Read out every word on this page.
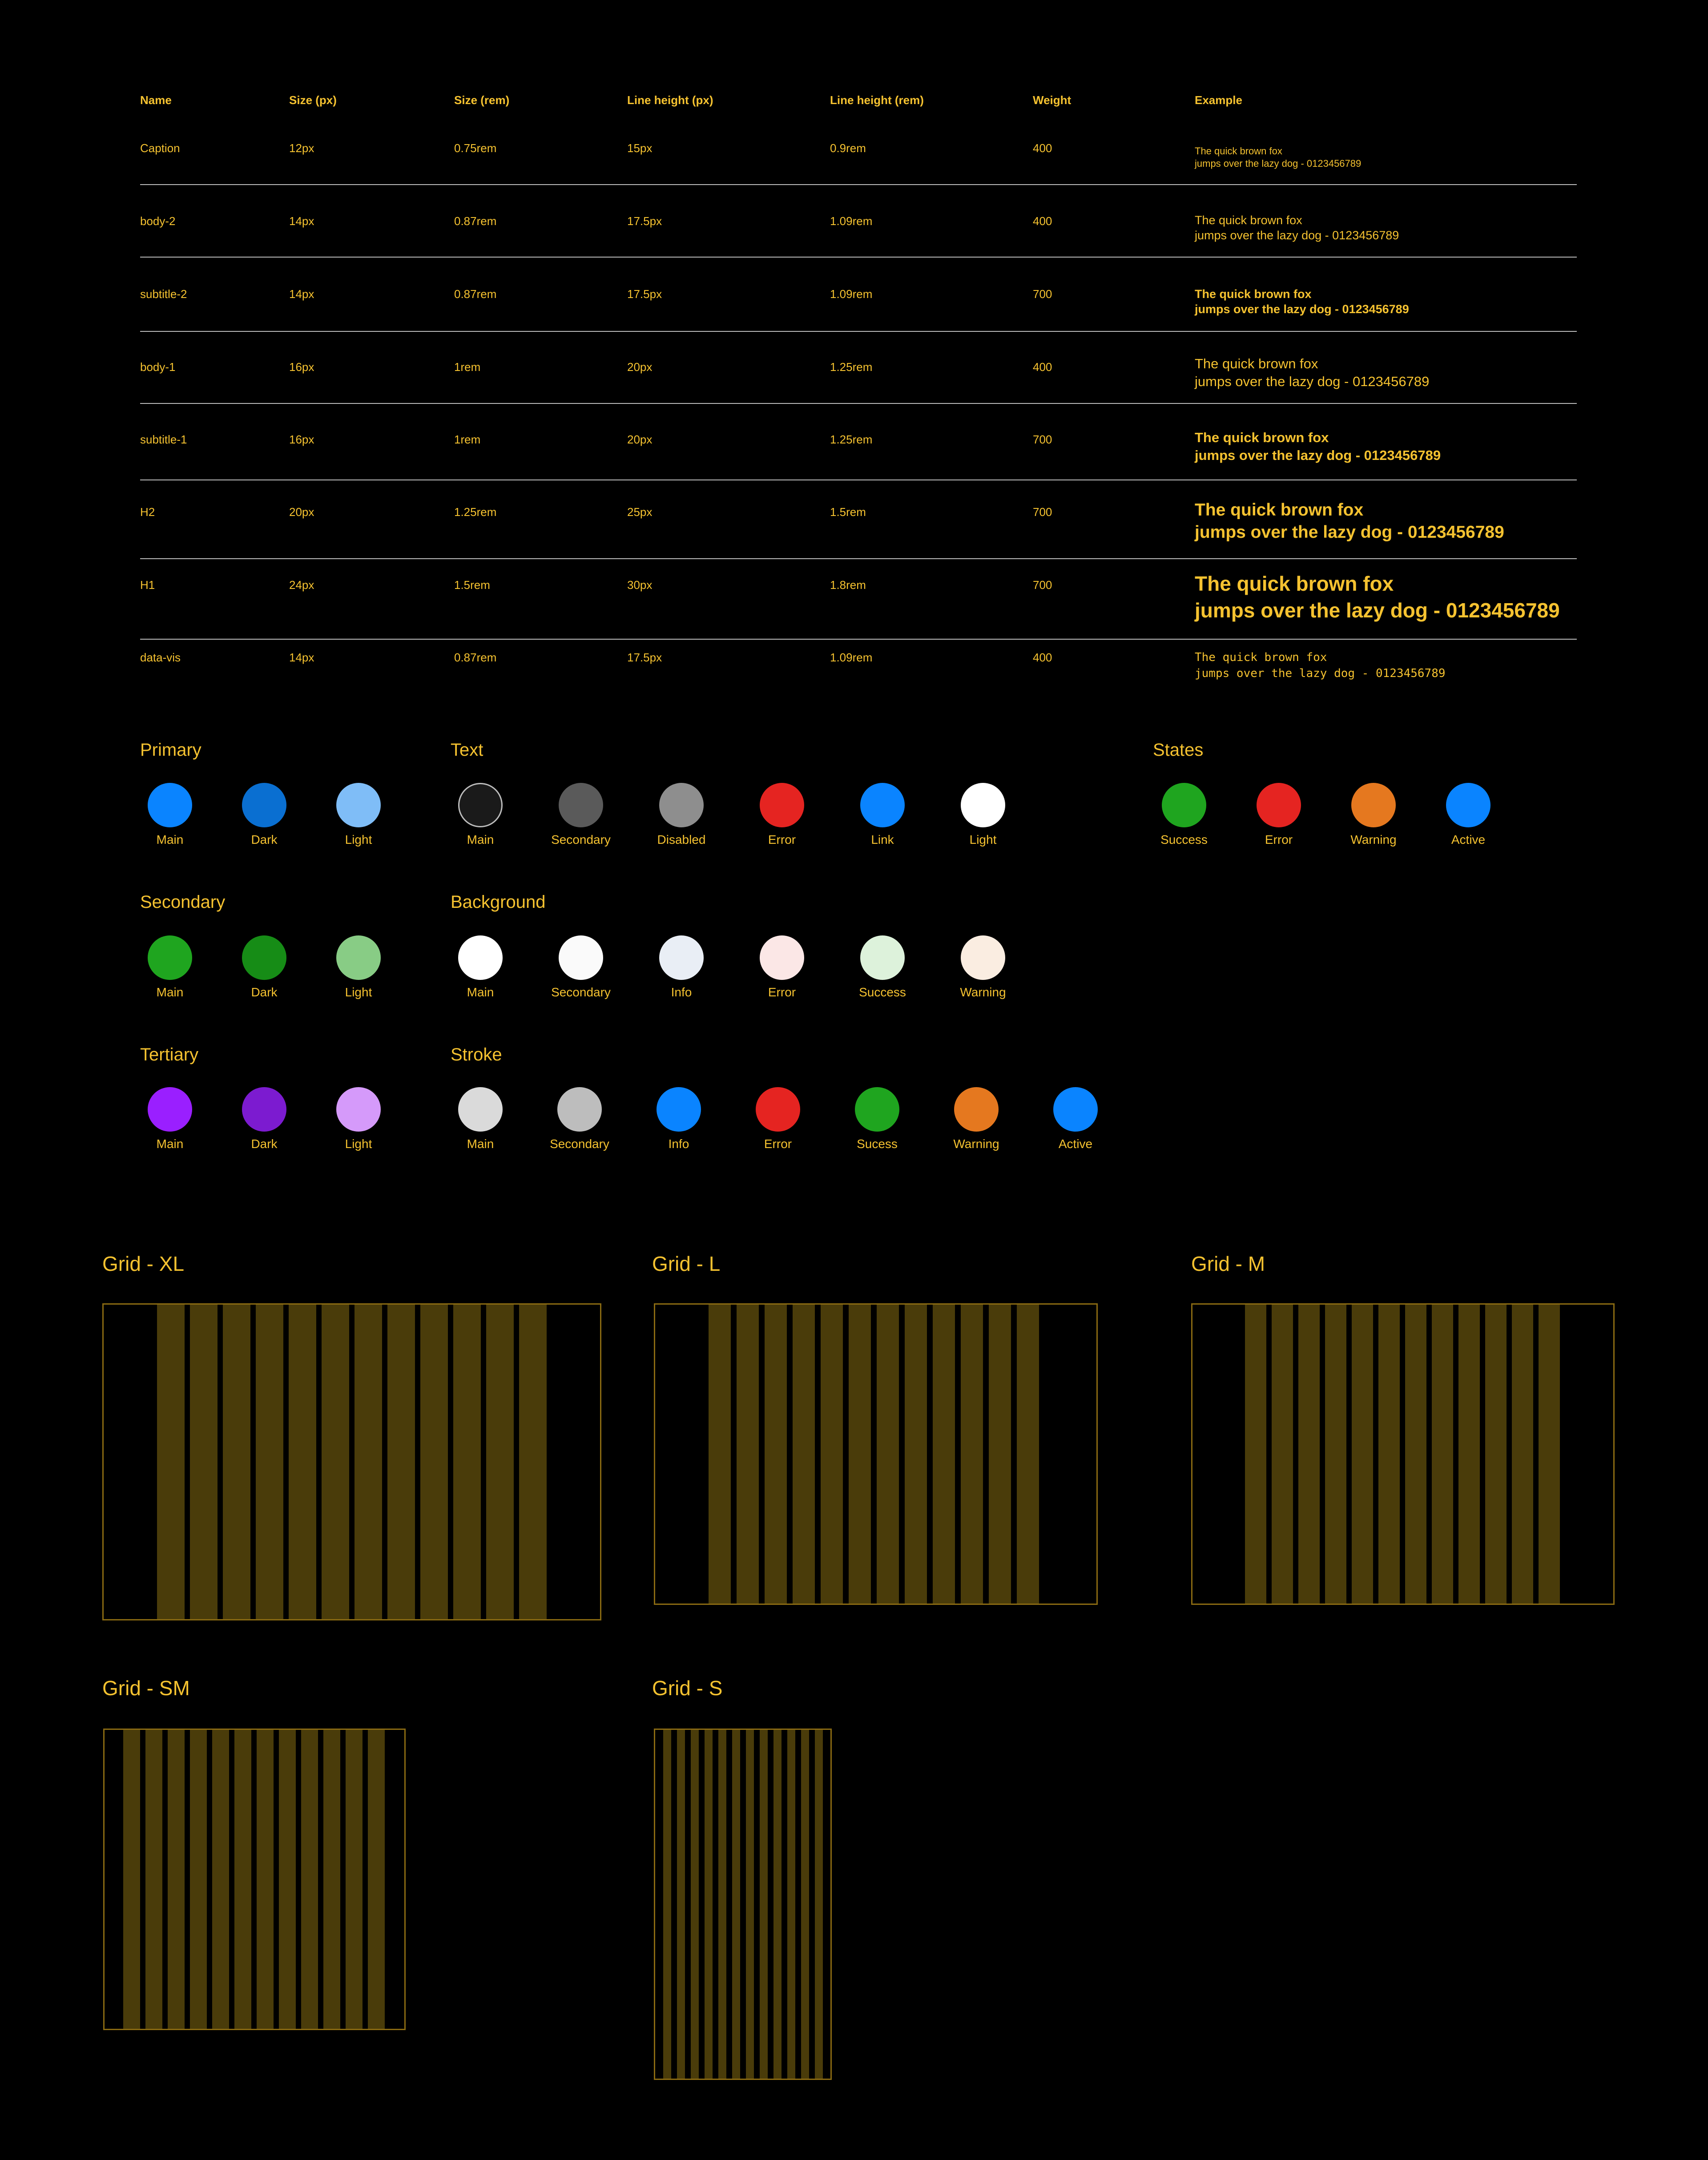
Name	Size (px)	Size (rem)	Line height (px)	Line height (rem)	Weight	Example
Caption	12px	0.75rem	15px	0.9rem	400	The quick brown fox
jumps over the lazy dog - 0123456789
body-2	14px	0.87rem	17.5px	1.09rem	400	The quick brown fox
jumps over the lazy dog - 0123456789
subtitle-2	14px	0.87rem	17.5px	1.09rem	700	The quick brown fox
jumps over the lazy dog - 0123456789
body-1	16px	1rem	20px	1.25rem	400	The quick brown fox
jumps over the lazy dog - 0123456789
subtitle-1	16px	1rem	20px	1.25rem	700	The quick brown fox
jumps over the lazy dog - 0123456789
H2	20px	1.25rem	25px	1.5rem	700	The quick brown fox
jumps over the lazy dog - 0123456789
H1	24px	1.5rem	30px	1.8rem	700	The quick brown fox
jumps over the lazy dog - 0123456789
data-vis	14px	0.87rem	17.5px	1.09rem	400	The quick brown fox
jumps over the lazy dog - 0123456789
Primary
Main	Dark	Light
Text
Main	Secondary	Disabled	Error	Link	Light
States
Success	Error	Warning	Active
Secondary
Main	Dark	Light
Background
Main	Secondary	Info	Error	Success	Warning
Tertiary
Main	Dark	Light
Stroke
Main	Secondary	Info	Error	Sucess	Warning	Active
Grid - XL	Grid - L	Grid - M
Grid - SM	Grid - S
